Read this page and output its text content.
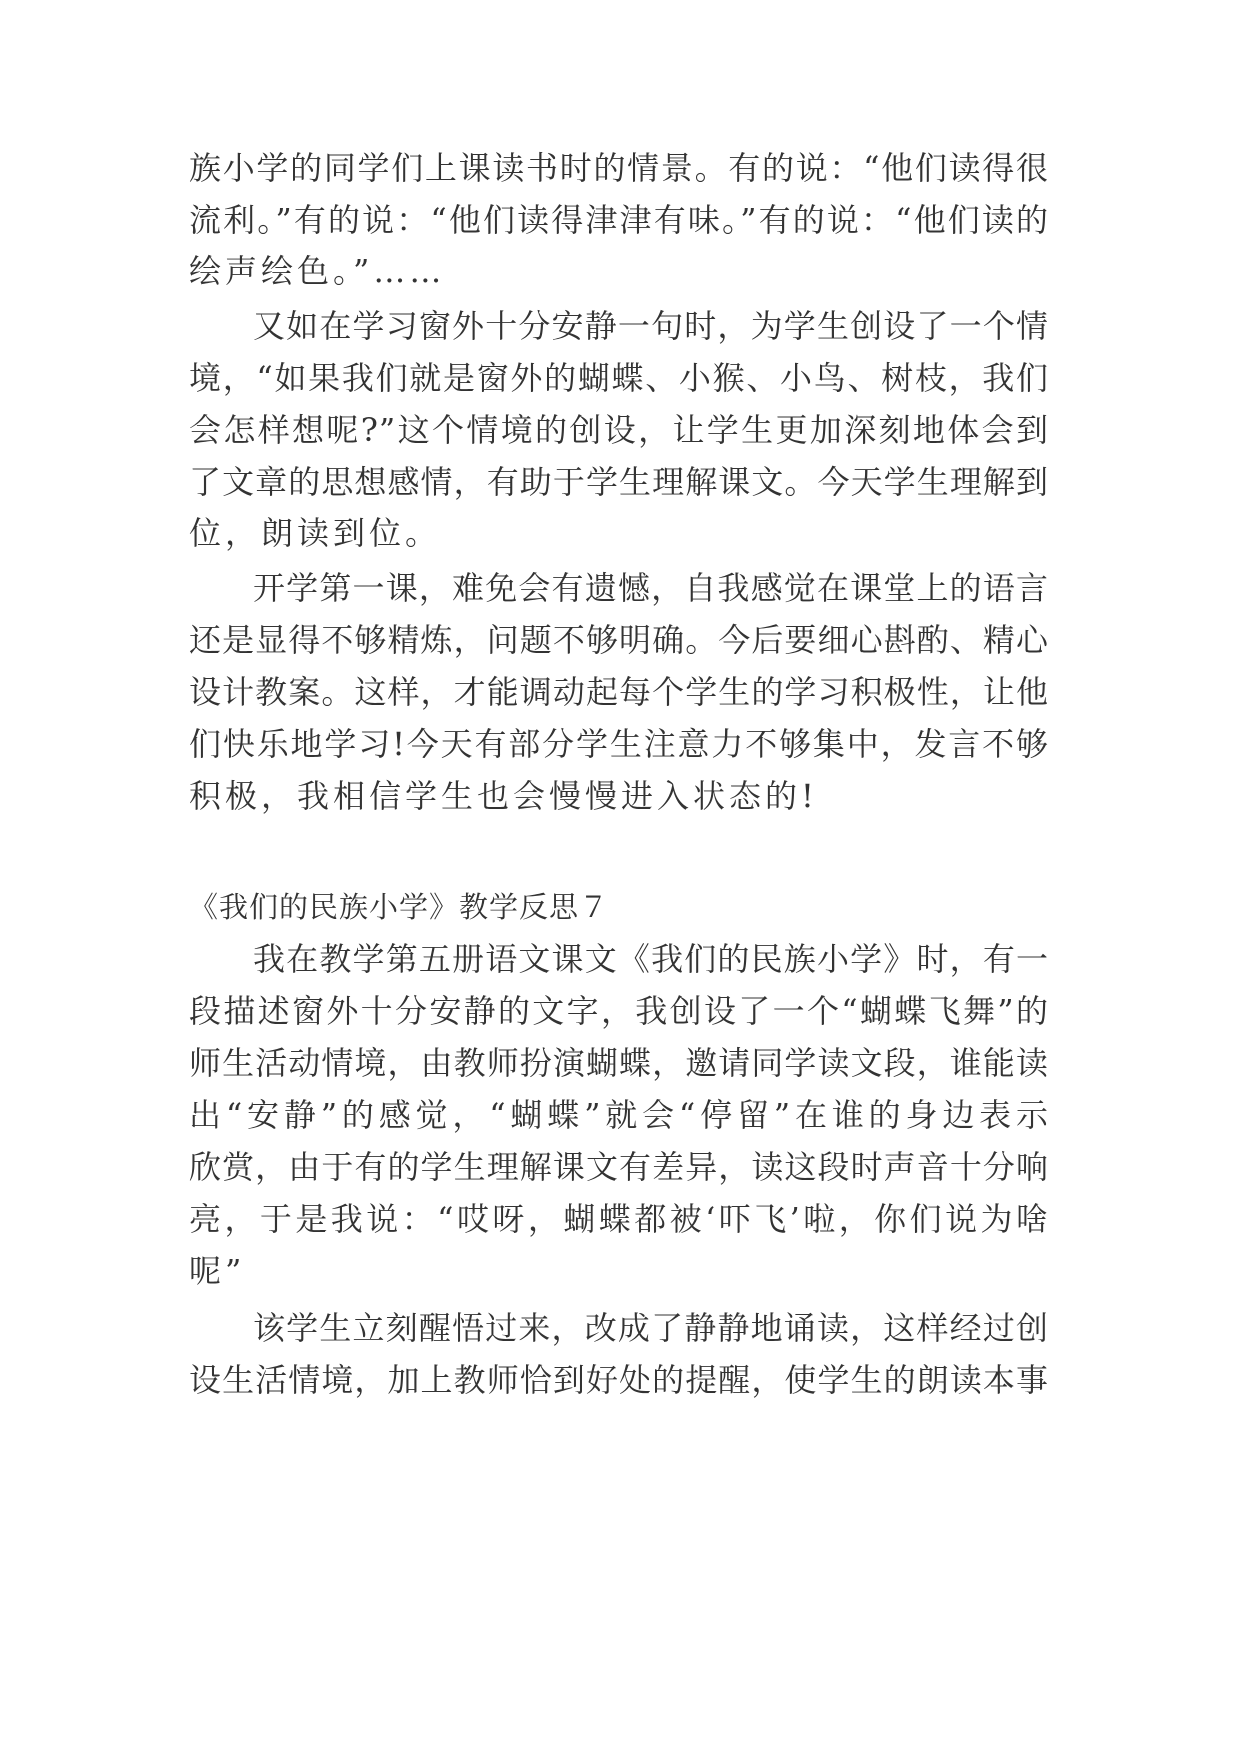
族小学的同学们上课读书时的情景。有的说：“他们读得很
流利。”有的说：“他们读得津津有味。”有的说：“他们读的
绘声绘色。”……
又如在学习窗外十分安静一句时，为学生创设了一个情
境，“如果我们就是窗外的蝴蝶、小猴、小鸟、树枝，我们
会怎样想呢?”这个情境的创设，让学生更加深刻地体会到
了文章的思想感情，有助于学生理解课文。今天学生理解到
位，朗读到位。
开学第一课，难免会有遗憾，自我感觉在课堂上的语言
还是显得不够精炼，问题不够明确。今后要细心斟酌、精心
设计教案。这样，才能调动起每个学生的学习积极性，让他
们快乐地学习!今天有部分学生注意力不够集中，发言不够
积极，我相信学生也会慢慢进入状态的!
《我们的民族小学》教学反思７
我在教学第五册语文课文《我们的民族小学》时，有一
段描述窗外十分安静的文字，我创设了一个“蝴蝶飞舞”的
师生活动情境，由教师扮演蝴蝶，邀请同学读文段，谁能读
出“安静”的感觉，“蝴蝶”就会“停留”在谁的身边表示
欣赏，由于有的学生理解课文有差异，读这段时声音十分响
亮，于是我说：“哎呀，蝴蝶都被‘吓飞’啦，你们说为啥
呢”
该学生立刻醒悟过来，改成了静静地诵读，这样经过创
设生活情境，加上教师恰到好处的提醒，使学生的朗读本事
